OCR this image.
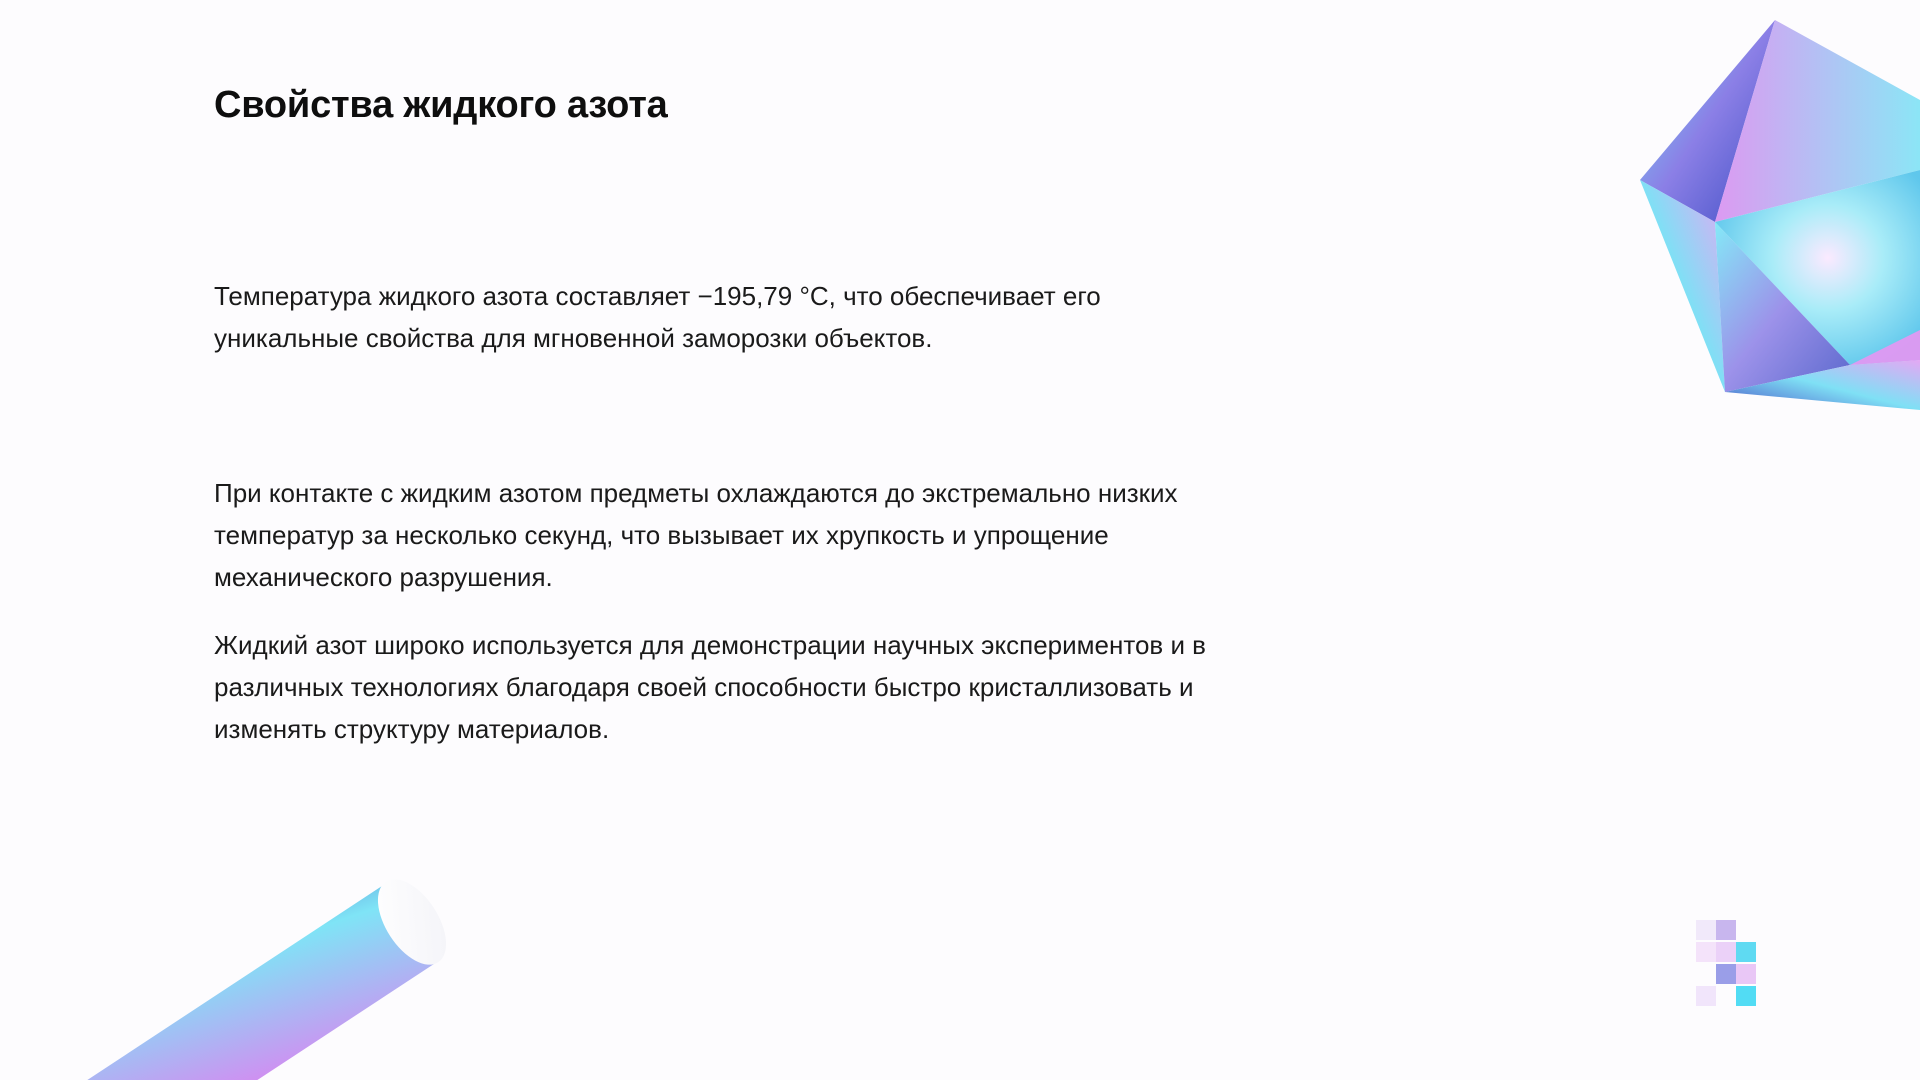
Свойства жидкого азота

Температура жидкого азота составляет −195,79 °С, что обеспечивает его уникальные свойства для мгновенной заморозки объектов.

При контакте с жидким азотом предметы охлаждаются до экстремально низких температур за несколько секунд, что вызывает их хрупкость и упрощение механического разрушения.

Жидкий азот широко используется для демонстрации научных экспериментов и в различных технологиях благодаря своей способности быстро кристаллизовать и изменять структуру материалов.
